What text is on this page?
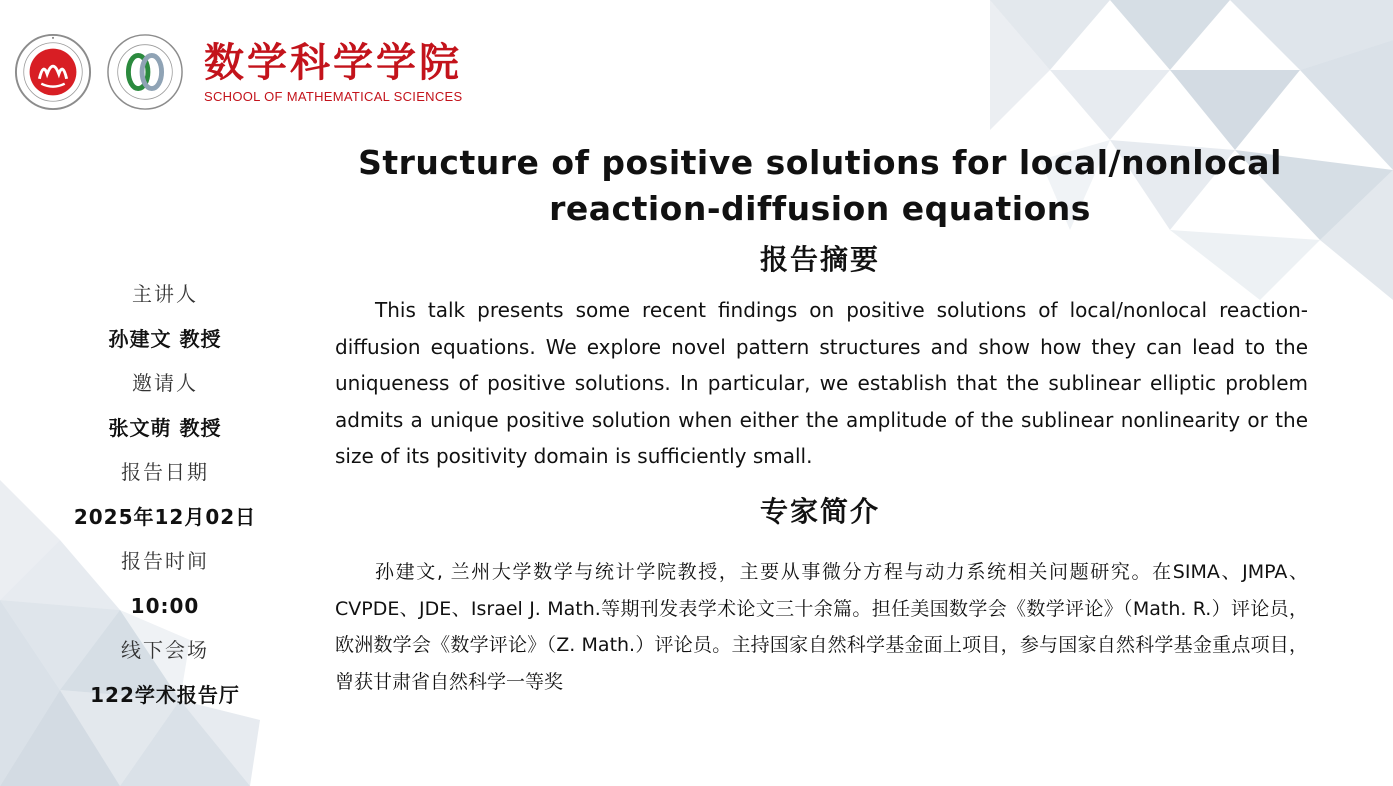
数学科学学院
SCHOOL OF MATHEMATICAL SCIENCES
Structure of positive solutions for local/nonlocal reaction-diffusion equations
报告摘要

This talk presents some recent findings on positive solutions of local/nonlocal reaction-diffusion equations. We explore novel pattern structures and show how they can lead to the uniqueness of positive solutions. In particular, we establish that the sublinear elliptic problem admits a unique positive solution when either the amplitude of the sublinear nonlinearity or the size of its positivity domain is sufficiently small.

专家简介

孙建文, 兰州大学数学与统计学院教授，主要从事微分方程与动力系统相关问题研究。在SIMA、JMPA、CVPDE、JDE、Israel J. Math.等期刊发表学术论文三十余篇。担任美国数学会《数学评论》（Math. R.）评论员，欧洲数学会《数学评论》（Z. Math.）评论员。主持国家自然科学基金面上项目，参与国家自然科学基金重点项目，曾获甘肃省自然科学一等奖

主讲人
孙建文 教授
邀请人
张文萌 教授
报告日期
2025年12月02日
报告时间
10:00
线下会场
122学术报告厅
